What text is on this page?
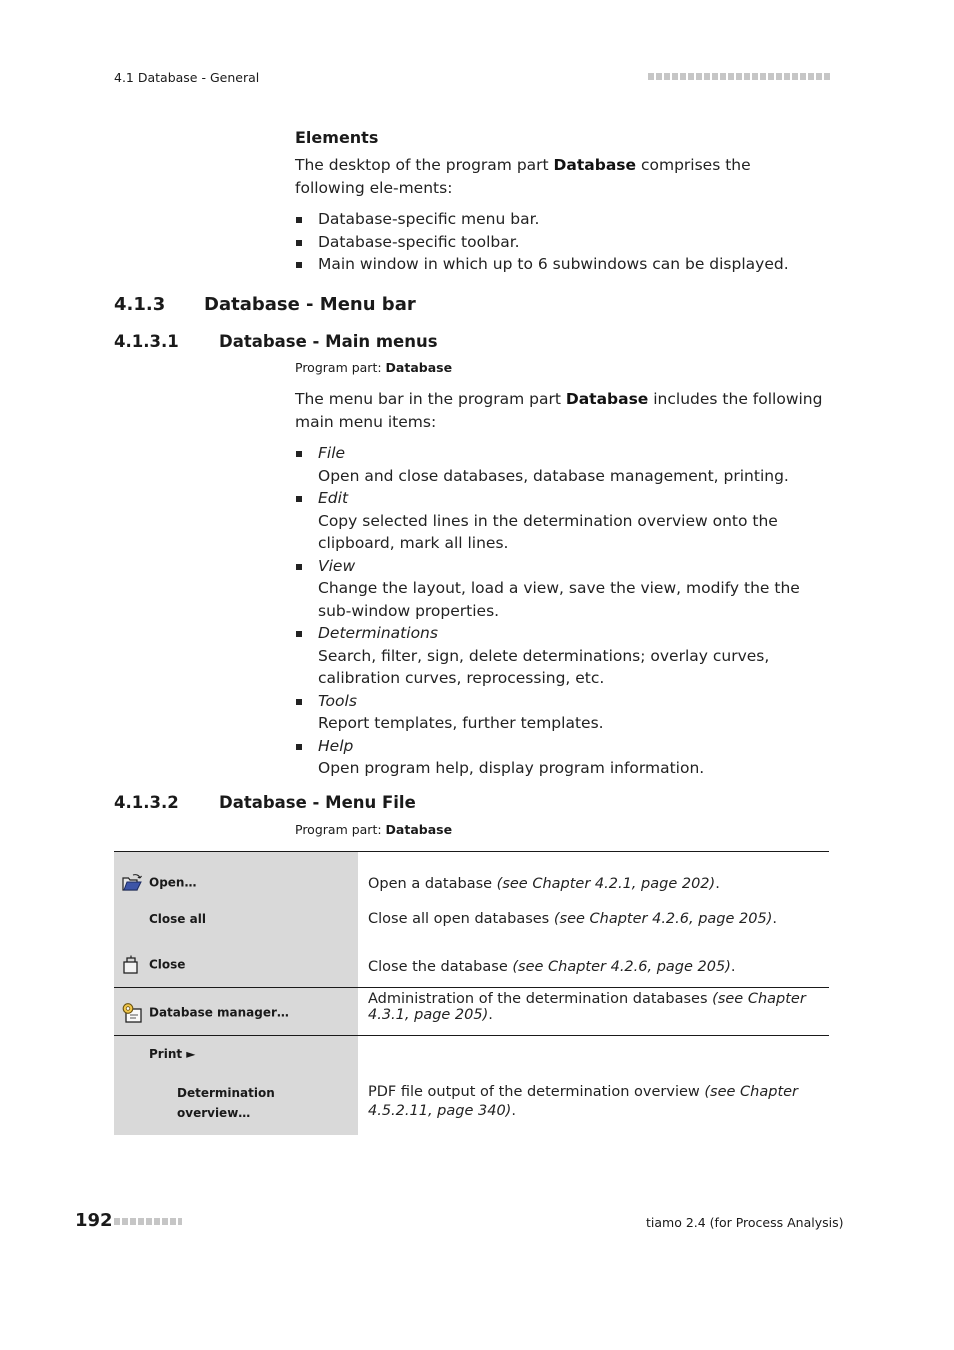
4.1 Database - General
Elements
The desktop of the program part Database comprises the following ele-ments:
Database-specific menu bar.
Database-specific toolbar.
Main window in which up to 6 subwindows can be displayed.
4.1.3 Database - Menu bar
4.1.3.1 Database - Main menus
Program part: Database
The menu bar in the program part Database includes the following main menu items:
File
Open and close databases, database management, printing.
Edit
Copy selected lines in the determination overview onto the clipboard, mark all lines.
View
Change the layout, load a view, save the view, modify the the sub-window properties.
Determinations
Search, filter, sign, delete determinations; overlay curves, calibration curves, reprocessing, etc.
Tools
Report templates, further templates.
Help
Open program help, display program information.
4.1.3.2 Database - Menu File
Program part: Database
Open…	Open a database (see Chapter 4.2.1, page 202).
Close all	Close all open databases (see Chapter 4.2.6, page 205).
Close	Close the database (see Chapter 4.2.6, page 205).
Database manager…	Administration of the determination databases (see Chapter 4.3.1, page 205).
Print ►	
Determination overview…	PDF file output of the determination overview (see Chapter 4.5.2.11, page 340).
192	tiamo 2.4 (for Process Analysis)
